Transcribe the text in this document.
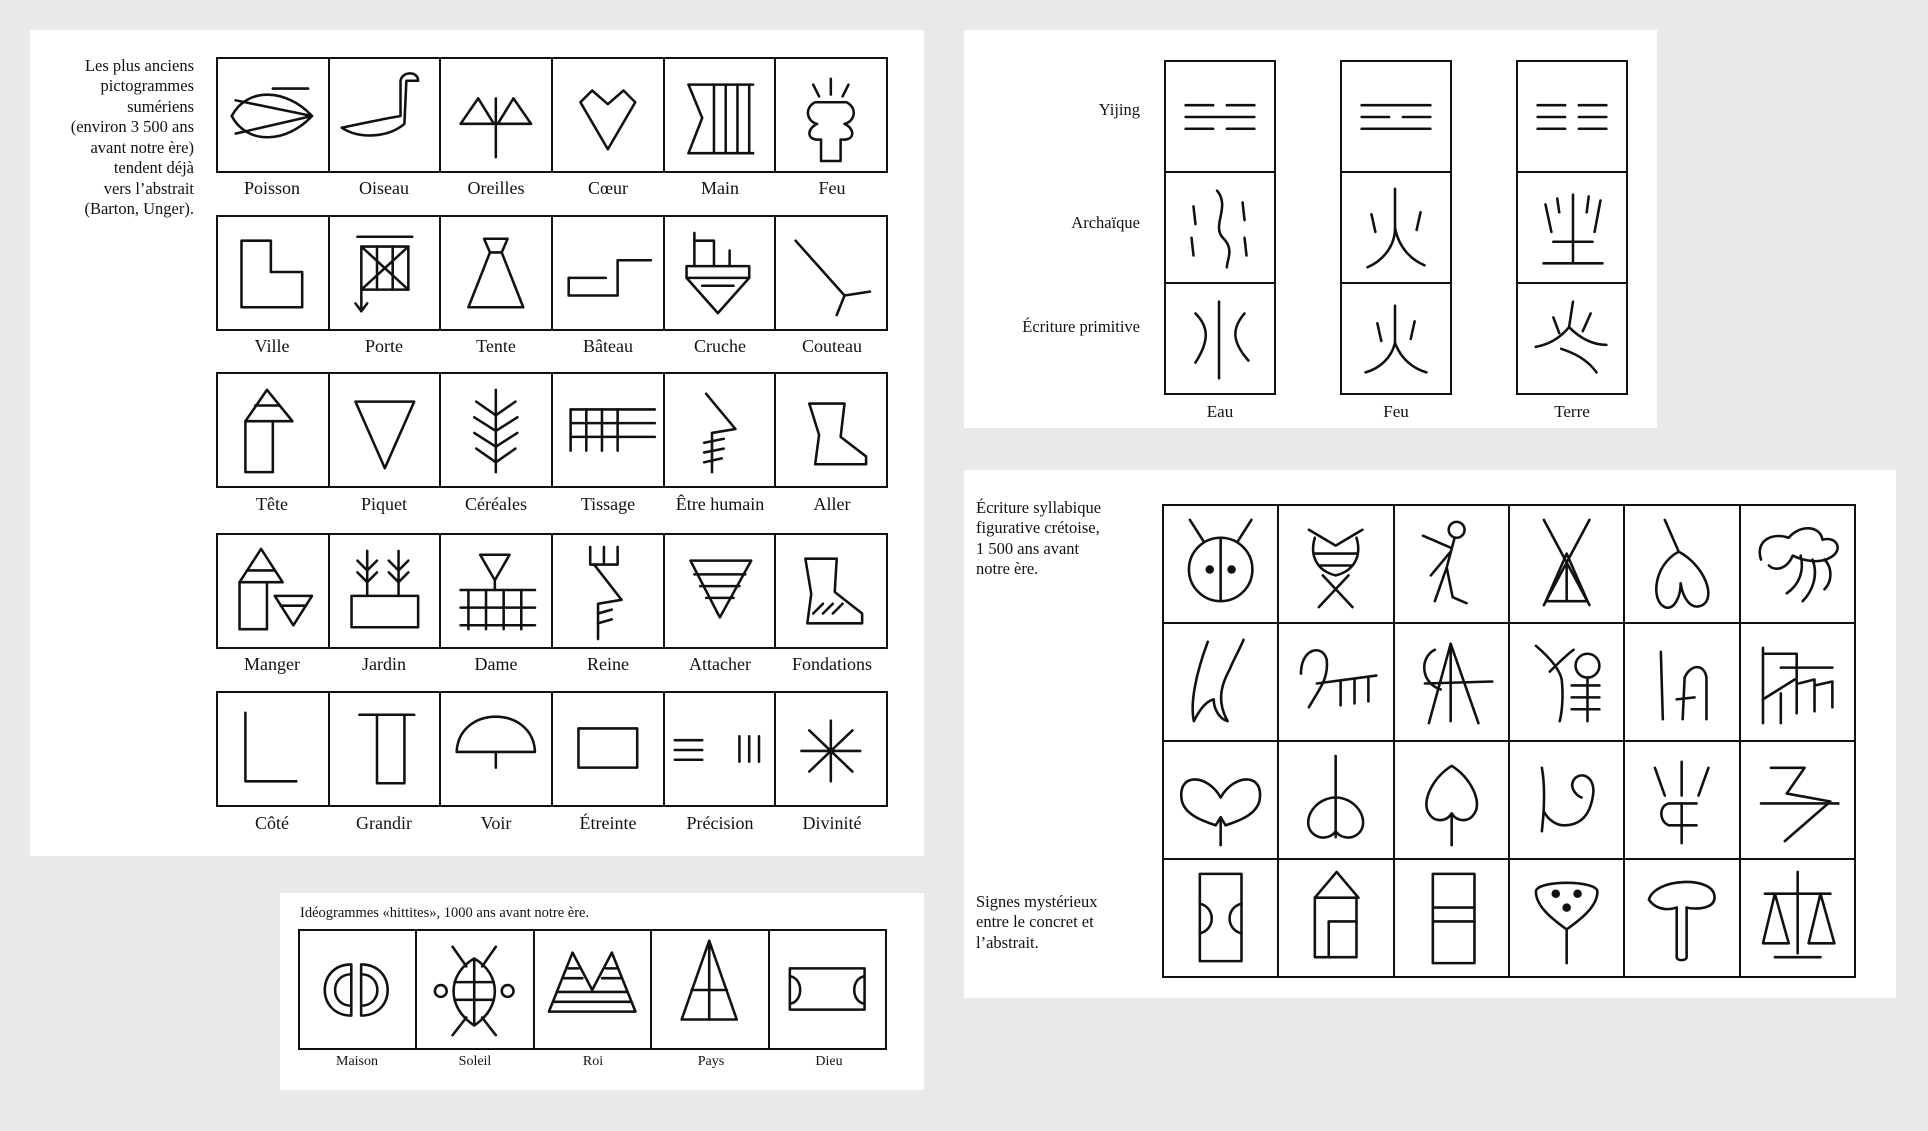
Les plus anciens
pictogrammes
sumériens
(environ 3 500 ans
avant notre ère)
tendent déjà
vers l’abstrait
(Barton, Unger).
Poisson	Oiseau	Oreilles	Cœur	Main	Feu
Ville	Porte	Tente	Bâteau	Cruche	Couteau
Tête	Piquet	Céréales	Tissage	Être humain	Aller
Manger	Jardin	Dame	Reine	Attacher	Fondations
Côté	Grandir	Voir	Étreinte	Précision	Divinité
Idéogrammes «hittites», 1000 ans avant notre ère.
Maison	Soleil	Roi	Pays	Dieu
Yijing
Archaïque
Écriture primitive
Eau	Feu	Terre
Écriture syllabique
figurative crétoise,
1 500 ans avant
notre ère.
Signes mystérieux
entre le concret et
l’abstrait.
